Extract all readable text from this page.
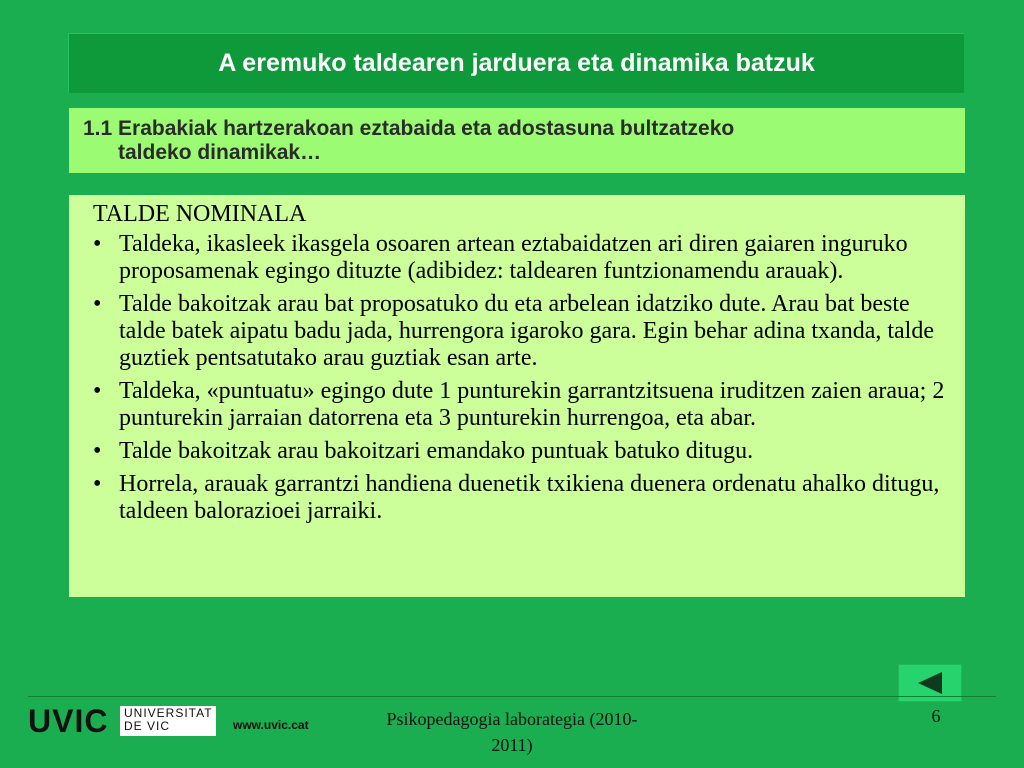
A eremuko taldearen jarduera eta dinamika batzuk
1.1 Erabakiak hartzerakoan eztabaida eta adostasuna bultzatzeko
taldeko dinamikak…
TALDE NOMINALA
• Taldeka, ikasleek ikasgela osoaren artean eztabaidatzen ari diren gaiaren inguruko proposamenak egingo dituzte (adibidez: taldearen funtzionamendu arauak).
• Talde bakoitzak arau bat proposatuko du eta arbelean idatziko dute. Arau bat beste talde batek aipatu badu jada, hurrengora igaroko gara. Egin behar adina txanda, talde guztiek pentsatutako arau guztiak esan arte.
• Taldeka, «puntuatu» egingo dute 1 punturekin garrantzitsuena iruditzen zaien araua; 2 punturekin jarraian datorrena eta 3 punturekin hurrengoa, eta abar.
• Talde bakoitzak arau bakoitzari emandako puntuak batuko ditugu.
• Horrela, arauak garrantzi handiena duenetik txikiena duenera ordenatu ahalko ditugu, taldeen balorazioei jarraiki.
UVIC	UNIVERSITAT
DE VIC	www.uvic.cat	Psikopedagogia laborategia (2010-
2011)
6
